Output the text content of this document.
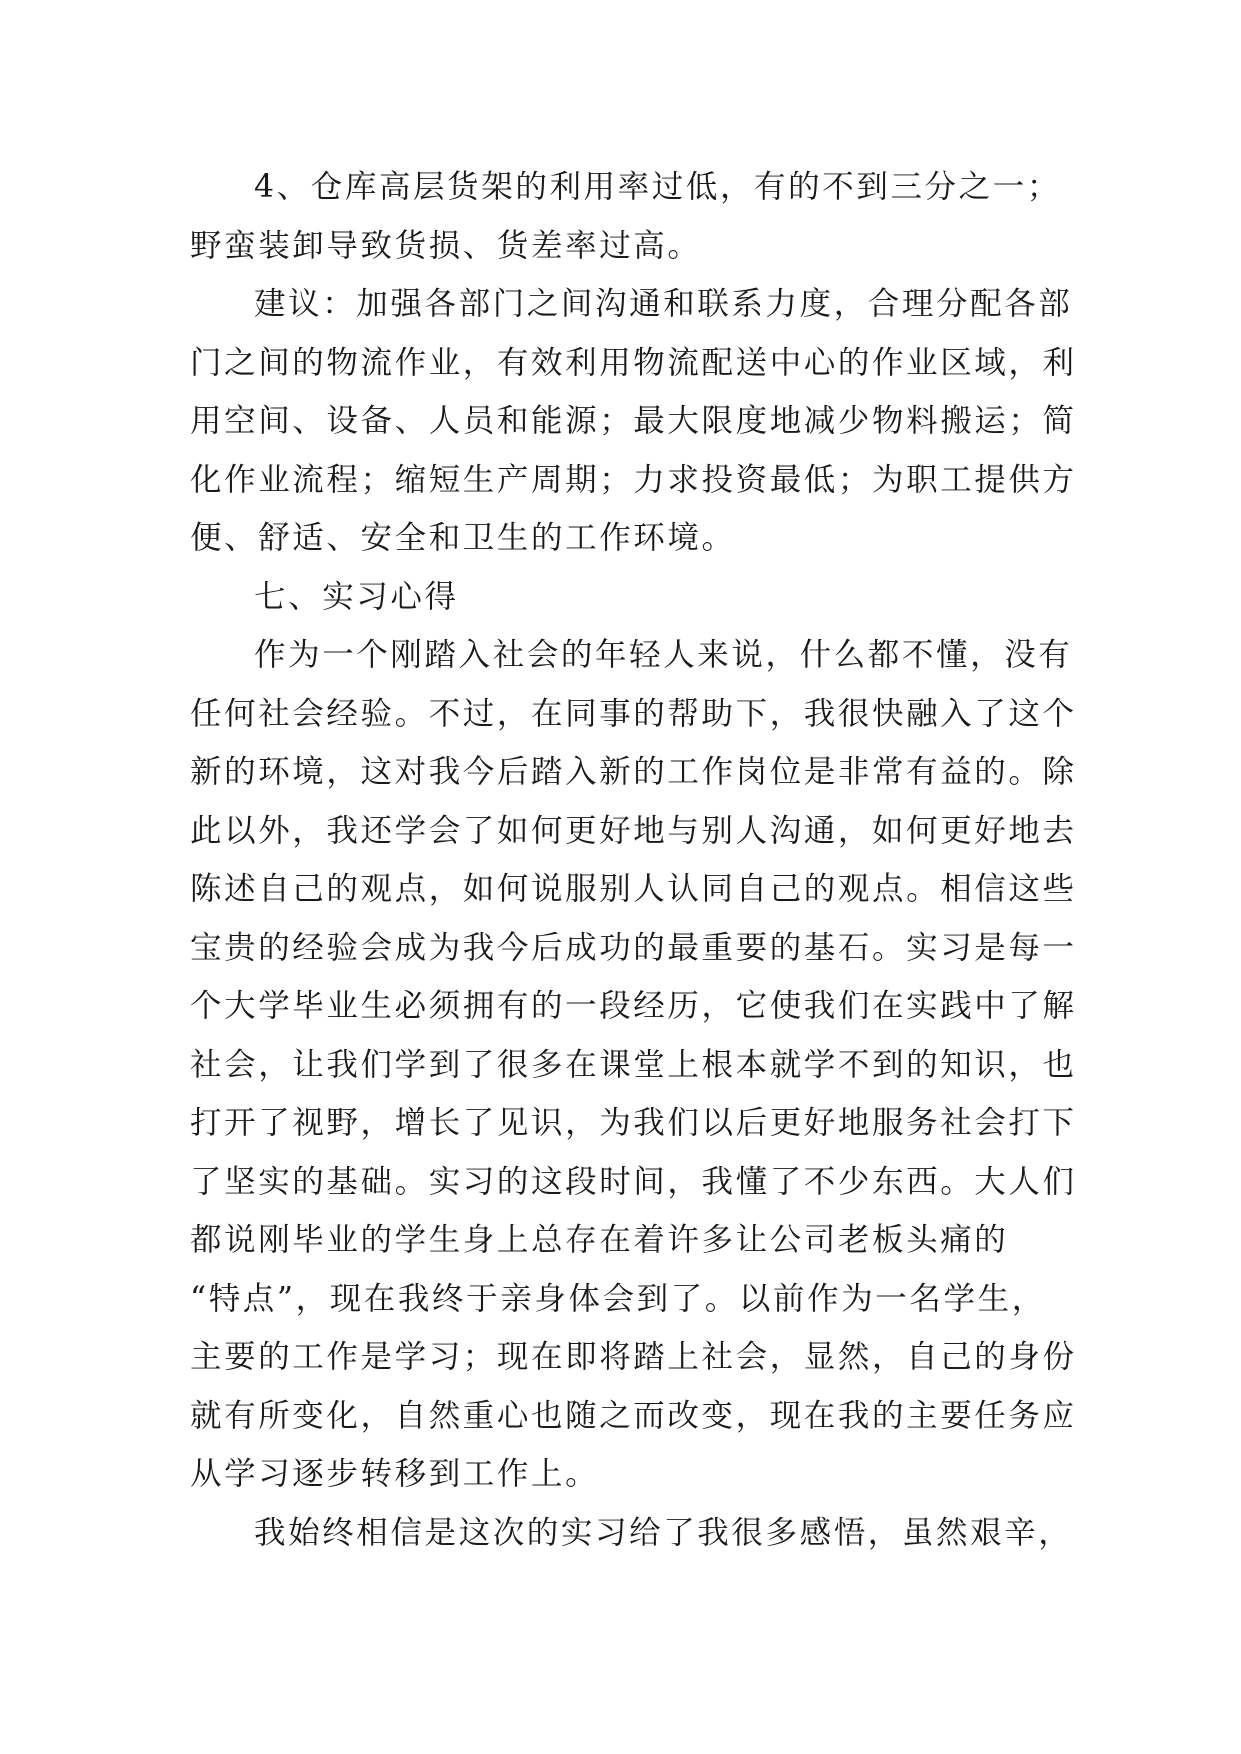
4、仓库高层货架的利用率过低，有的不到三分之一；
野蛮装卸导致货损、货差率过高。

建议：加强各部门之间沟通和联系力度，合理分配各部
门之间的物流作业，有效利用物流配送中心的作业区域，利
用空间、设备、人员和能源；最大限度地减少物料搬运；简
化作业流程；缩短生产周期；力求投资最低；为职工提供方
便、舒适、安全和卫生的工作环境。

七、实习心得

作为一个刚踏入社会的年轻人来说，什么都不懂，没有
任何社会经验。不过，在同事的帮助下，我很快融入了这个
新的环境，这对我今后踏入新的工作岗位是非常有益的。除
此以外，我还学会了如何更好地与别人沟通，如何更好地去
陈述自己的观点，如何说服别人认同自己的观点。相信这些
宝贵的经验会成为我今后成功的最重要的基石。实习是每一
个大学毕业生必须拥有的一段经历，它使我们在实践中了解
社会，让我们学到了很多在课堂上根本就学不到的知识，也
打开了视野，增长了见识，为我们以后更好地服务社会打下
了坚实的基础。实习的这段时间，我懂了不少东西。大人们
都说刚毕业的学生身上总存在着许多让公司老板头痛的
“特点”，现在我终于亲身体会到了。以前作为一名学生，
主要的工作是学习；现在即将踏上社会，显然，自己的身份
就有所变化，自然重心也随之而改变，现在我的主要任务应
从学习逐步转移到工作上。

我始终相信是这次的实习给了我很多感悟，虽然艰辛，
